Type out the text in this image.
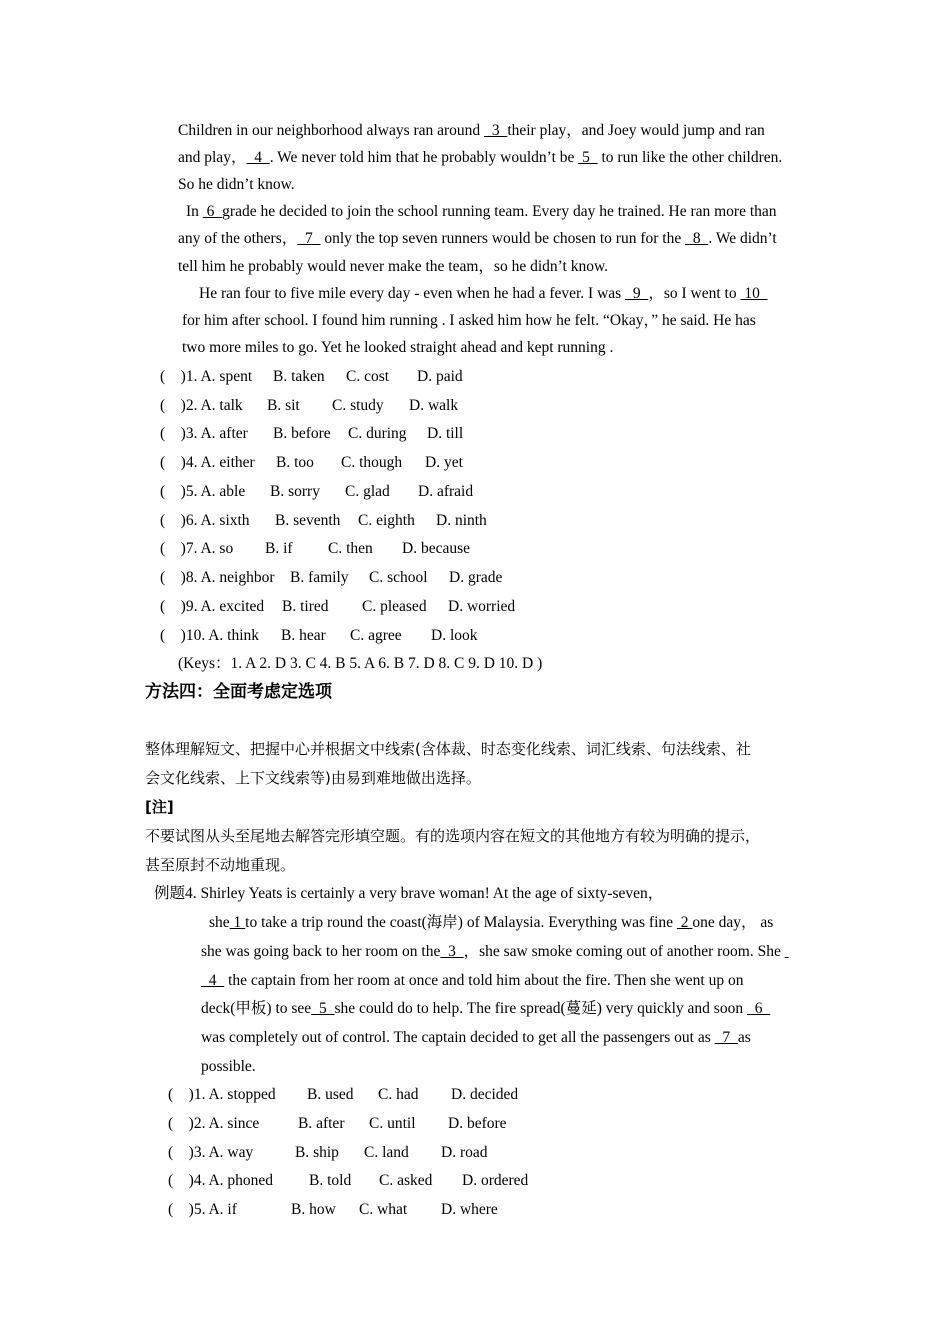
Children in our neighborhood always ran around   3  their play，and Joey would jump and ran
and play，  4  . We never told him that he probably wouldn’t be  5   to run like the other children.
So he didn’t know.
In  6  grade he decided to join the school running team. Every day he trained. He ran more than
any of the others，  7   only the top seven runners would be chosen to run for the   8  . We didn’t
tell him he probably would never make the team，so he didn’t know.
He ran four to five mile every day - even when he had a fever. I was   9  ，so I went to  10
for him after school. I found him running . I asked him how he felt. “Okay，” he said. He has
two more miles to go. Yet he looked straight ahead and kept running .
(    )1. A. spent B. taken C. cost D. paid
(    )2. A. talk B. sit C. study D. walk
(    )3. A. after B. before C. during D. till
(    )4. A. either B. too C. though D. yet
(    )5. A. able B. sorry C. glad D. afraid
(    )6. A. sixth B. seventh C. eighth D. ninth
(    )7. A. so B. if C. then D. because
(    )8. A. neighbor B. family C. school D. grade
(    )9. A. excited B. tired C. pleased D. worried
(    )10. A. think B. hear C. agree D. look
(Keys：1. A 2. D 3. C 4. B 5. A 6. B 7. D 8. C 9. D 10. D )
方法四：全面考虑定选项
整体理解短文、把握中心并根据文中线索(含体裁、时态变化线索、词汇线索、句法线索、社
会文化线索、上下文线索等)由易到难地做出选择。
[注]
不要试图从头至尾地去解答完形填空题。有的选项内容在短文的其他地方有较为明确的提示，
甚至原封不动地重现。
例题4. Shirley Yeats is certainly a very brave woman! At the age of sixty-seven，
she 1 to take a trip round the coast(海岸) of Malaysia. Everything was fine  2 one day， as
she was going back to her room on the  3  ，she saw smoke coming out of another room. She
4   the captain from her room at once and told him about the fire. Then she went up on
deck(甲板) to see  5  she could do to help. The fire spread(蔓延) very quickly and soon   6
was completely out of control. The captain decided to get all the passengers out as   7  as
possible.
(    )1. A. stopped B. used C. had D. decided
(    )2. A. since B. after C. until D. before
(    )3. A. way	B. ship C. land D. road
(    )4. A. phoned B. told C. asked D. ordered
(    )5. A. if	B. how C. what D. where
